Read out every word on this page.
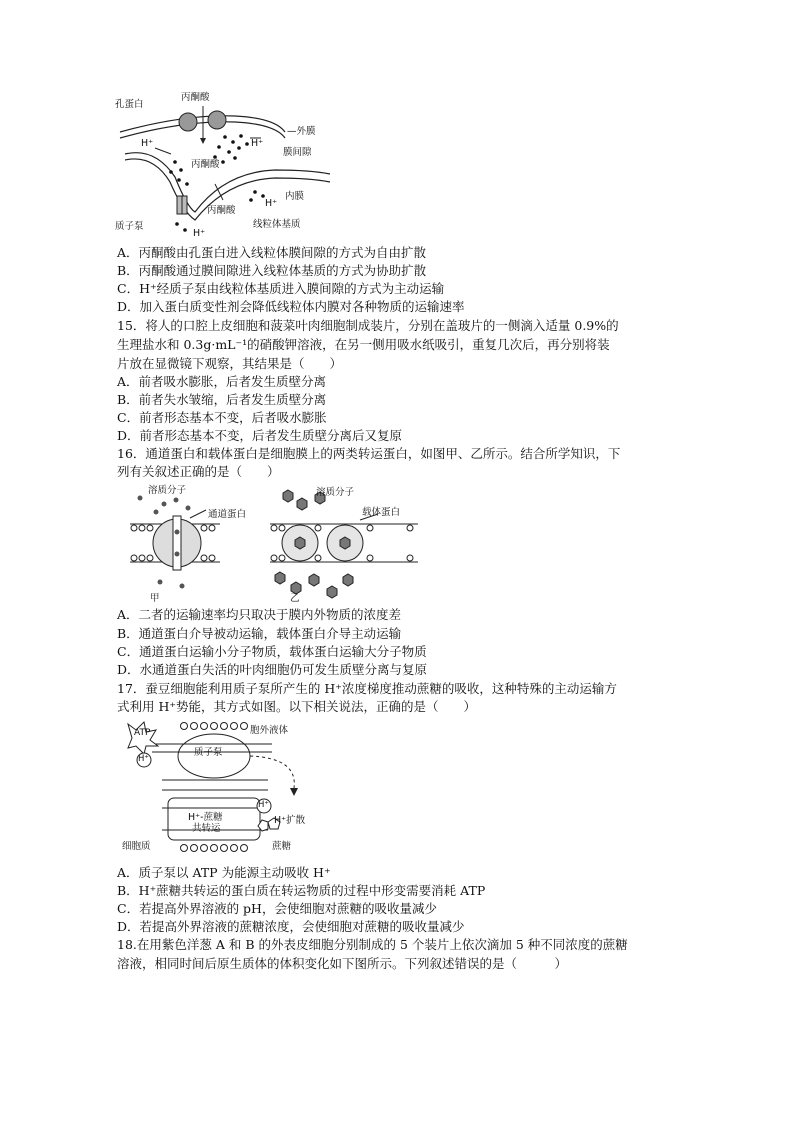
孔蛋白
丙酮酸
—外膜
H⁺	H⁺
膜间隙
丙酮酸
内膜
H⁺
丙酮酸
质子泵	线粒体基质
H⁺
A．丙酮酸由孔蛋白进入线粒体膜间隙的方式为自由扩散
B．丙酮酸通过膜间隙进入线粒体基质的方式为协助扩散
C．H⁺经质子泵由线粒体基质进入膜间隙的方式为主动运输
D．加入蛋白质变性剂会降低线粒体内膜对各种物质的运输速率
15．将人的口腔上皮细胞和菠菜叶肉细胞制成装片，分别在盖玻片的一侧滴入适量 0.9%的
生理盐水和 0.3g·mL⁻¹的硝酸钾溶液，在另一侧用吸水纸吸引，重复几次后，再分别将装
片放在显微镜下观察，其结果是（　　）
A．前者吸水膨胀，后者发生质壁分离
B．前者失水皱缩，后者发生质壁分离
C．前者形态基本不变，后者吸水膨胀
D．前者形态基本不变，后者发生质壁分离后又复原
16．通道蛋白和载体蛋白是细胞膜上的两类转运蛋白，如图甲、乙所示。结合所学知识，下
列有关叙述正确的是（　　）
溶质分子
通道蛋白
甲
溶质分子
载体蛋白
乙
A．二者的运输速率均只取决于膜内外物质的浓度差
B．通道蛋白介导被动运输，载体蛋白介导主动运输
C．通道蛋白运输小分子物质，载体蛋白运输大分子物质
D．水通道蛋白失活的叶肉细胞仍可发生质壁分离与复原
17．蚕豆细胞能利用质子泵所产生的 H⁺浓度梯度推动蔗糖的吸收，这种特殊的主动运输方
式利用 H⁺势能，其方式如图。以下相关说法，正确的是（　　）
ATP
H⁺
胞外液体
质子泵
H⁺-蔗糖
共转运
H⁺
H⁺扩散
蔗糖
细胞质
A．质子泵以 ATP 为能源主动吸收 H⁺
B．H⁺蔗糖共转运的蛋白质在转运物质的过程中形变需要消耗 ATP
C．若提高外界溶液的 pH，会使细胞对蔗糖的吸收量减少
D．若提高外界溶液的蔗糖浓度，会使细胞对蔗糖的吸收量减少
18.在用紫色洋葱 A 和 B 的外表皮细胞分别制成的 5 个装片上依次滴加 5 种不同浓度的蔗糖
溶液，相同时间后原生质体的体积变化如下图所示。下列叙述错误的是（　　　）
